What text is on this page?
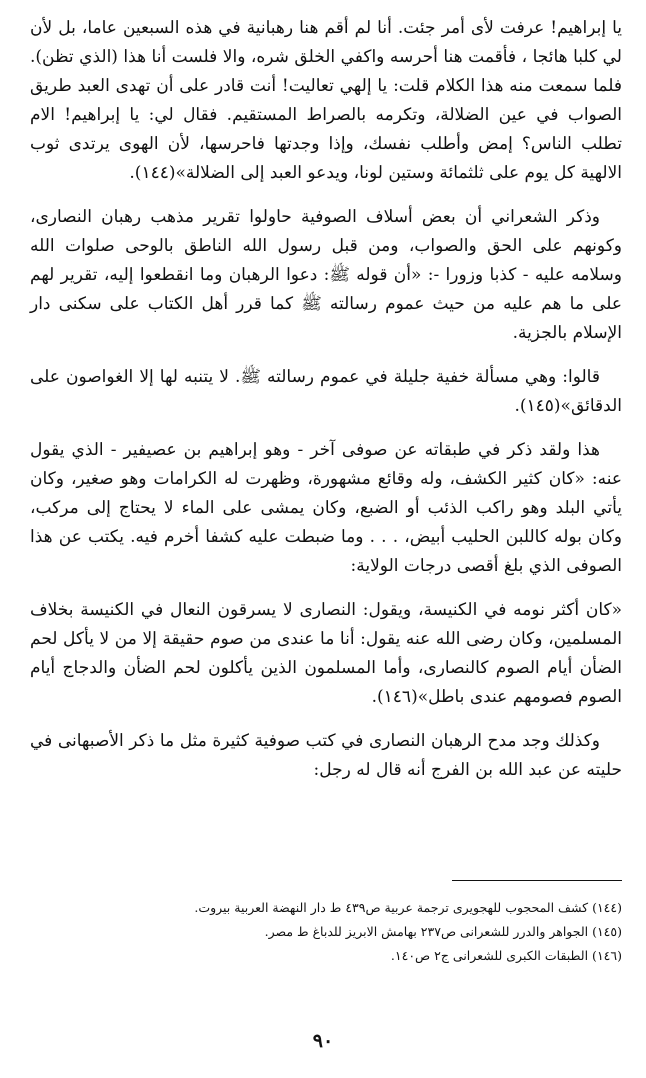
يا إبراهيم! عرفت لأى أمر جئت. أنا لم أقم هنا رهبانية في هذه السبعين عاما، بل لأن لي كلبا هائجا ، فأقمت هنا أحرسه واكفي الخلق شره، والا فلست أنا هذا (الذي تظن). فلما سمعت منه هذا الكلام قلت: يا إلهي تعاليت! أنت قادر على أن تهدى العبد طريق الصواب في عين الضلالة، وتكرمه بالصراط المستقيم. فقال لي: يا إبراهيم! الام تطلب الناس؟ إمض وأطلب نفسك، وإذا وجدتها فاحرسها، لأن الهوى يرتدى ثوب الالهية كل يوم على ثلثمائة وستين لونا، ويدعو العبد إلى الضلالة»(١٤٤).

وذكر الشعراني أن بعض أسلاف الصوفية حاولوا تقرير مذهب رهبان النصارى، وكونهم على الحق والصواب، ومن قبل رسول الله الناطق بالوحى صلوات الله وسلامه عليه - كذبا وزورا -: «أن قوله ﷺ: دعوا الرهبان وما انقطعوا إليه، تقرير لهم على ما هم عليه من حيث عموم رسالته ﷺ كما قرر أهل الكتاب على سكنى دار الإسلام بالجزية.

قالوا: وهي مسألة خفية جليلة في عموم رسالته ﷺ. لا يتنبه لها إلا الغواصون على الدقائق»(١٤٥).

هذا ولقد ذكر في طبقاته عن صوفى آخر - وهو إبراهيم بن عصيفير - الذي يقول عنه: «كان كثير الكشف، وله وقائع مشهورة، وظهرت له الكرامات وهو صغير، وكان يأتي البلد وهو راكب الذئب أو الضبع، وكان يمشى على الماء لا يحتاج إلى مركب، وكان بوله كاللبن الحليب أبيض، . . . وما ضبطت عليه كشفا أخرم فيه. يكتب عن هذا الصوفى الذي بلغ أقصى درجات الولاية:

«كان أكثر نومه في الكنيسة، ويقول: النصارى لا يسرقون النعال في الكنيسة بخلاف المسلمين، وكان رضى الله عنه يقول: أنا ما عندى من صوم حقيقة إلا من لا يأكل لحم الضأن أيام الصوم كالنصارى، وأما المسلمون الذين يأكلون لحم الضأن والدجاج أيام الصوم فصومهم عندى باطل»(١٤٦).

وكذلك وجد مدح الرهبان النصارى في كتب صوفية كثيرة مثل ما ذكر الأصبهانى في حليته عن عبد الله بن الفرج أنه قال له رجل:

(١٤٤) كشف المحجوب للهجويرى ترجمة عربية ص٤٣٩ ط دار النهضة العربية بيروت.

(١٤٥) الجواهر والدرر للشعرانى ص٢٣٧ بهامش الابريز للدباغ ط مصر.

(١٤٦) الطبقات الكبرى للشعرانى ج٢ ص١٤٠.

٩٠
